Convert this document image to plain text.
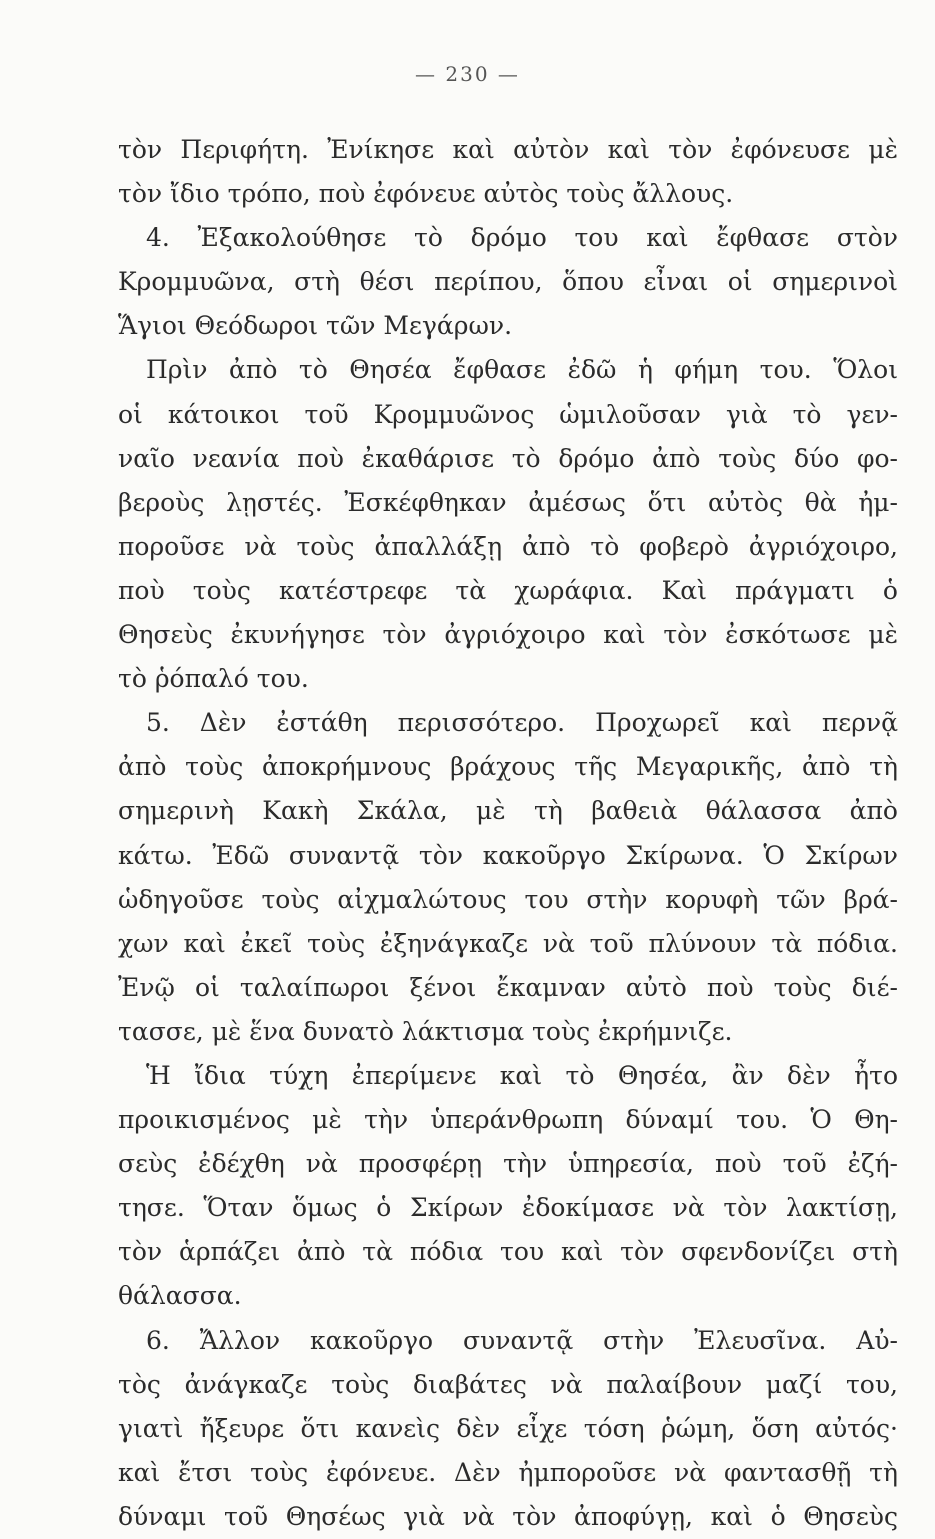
— 230 —
τὸν Περιφήτη. Ἐνίκησε καὶ αὐτὸν καὶ τὸν ἐφόνευσε μὲ
τὸν ἴδιο τρόπο, ποὺ ἐφόνευε αὐτὸς τοὺς ἄλλους.
4. Ἐξακολούθησε τὸ δρόμο του καὶ ἔφθασε στὸν
Κρομμυῶνα, στὴ θέσι περίπου, ὅπου εἶναι οἱ σημερινοὶ
Ἅγιοι Θεόδωροι τῶν Μεγάρων.
Πρὶν ἀπὸ τὸ Θησέα ἔφθασε ἐδῶ ἡ φήμη του. Ὅλοι
οἱ κάτοικοι τοῦ Κρομμυῶνος ὡμιλοῦσαν γιὰ τὸ γεν-
ναῖο νεανία ποὺ ἐκαθάρισε τὸ δρόμο ἀπὸ τοὺς δύο φο-
βεροὺς λῃστές. Ἐσκέφθηκαν ἀμέσως ὅτι αὐτὸς θὰ ἠμ-
ποροῦσε νὰ τοὺς ἀπαλλάξῃ ἀπὸ τὸ φοβερὸ ἀγριόχοιρο,
ποὺ τοὺς κατέστρεφε τὰ χωράφια. Καὶ πράγματι ὁ
Θησεὺς ἐκυνήγησε τὸν ἀγριόχοιρο καὶ τὸν ἐσκότωσε μὲ
τὸ ῥόπαλό του.
5. Δὲν ἐστάθη περισσότερο. Προχωρεῖ καὶ περνᾷ
ἀπὸ τοὺς ἀποκρήμνους βράχους τῆς Μεγαρικῆς, ἀπὸ τὴ
σημερινὴ Κακὴ Σκάλα, μὲ τὴ βαθειὰ θάλασσα ἀπὸ
κάτω. Ἐδῶ συναντᾷ τὸν κακοῦργο Σκίρωνα. Ὁ Σκίρων
ὡδηγοῦσε τοὺς αἰχμαλώτους του στὴν κορυφὴ τῶν βρά-
χων καὶ ἐκεῖ τοὺς ἐξηνάγκαζε νὰ τοῦ πλύνουν τὰ πόδια.
Ἐνῷ οἱ ταλαίπωροι ξένοι ἔκαμναν αὐτὸ ποὺ τοὺς διέ-
τασσε, μὲ ἕνα δυνατὸ λάκτισμα τοὺς ἐκρήμνιζε.
Ἡ ἴδια τύχη ἐπερίμενε καὶ τὸ Θησέα, ἂν δὲν ἦτο
προικισμένος μὲ τὴν ὑπεράνθρωπη δύναμί του. Ὁ Θη-
σεὺς ἐδέχθη νὰ προσφέρῃ τὴν ὑπηρεσία, ποὺ τοῦ ἐζή-
τησε. Ὅταν ὅμως ὁ Σκίρων ἐδοκίμασε νὰ τὸν λακτίσῃ,
τὸν ἁρπάζει ἀπὸ τὰ πόδια του καὶ τὸν σφενδονίζει στὴ
θάλασσα.
6. Ἄλλον κακοῦργο συναντᾷ στὴν Ἐλευσῖνα. Αὐ-
τὸς ἀνάγκαζε τοὺς διαβάτες νὰ παλαίβουν μαζί του,
γιατὶ ἤξευρε ὅτι κανεὶς δὲν εἶχε τόση ῥώμη, ὅση αὐτός·
καὶ ἔτσι τοὺς ἐφόνευε. Δὲν ἠμποροῦσε νὰ φαντασθῇ τὴ
δύναμι τοῦ Θησέως γιὰ νὰ τὸν ἀποφύγῃ, καὶ ὁ Θησεὺς
